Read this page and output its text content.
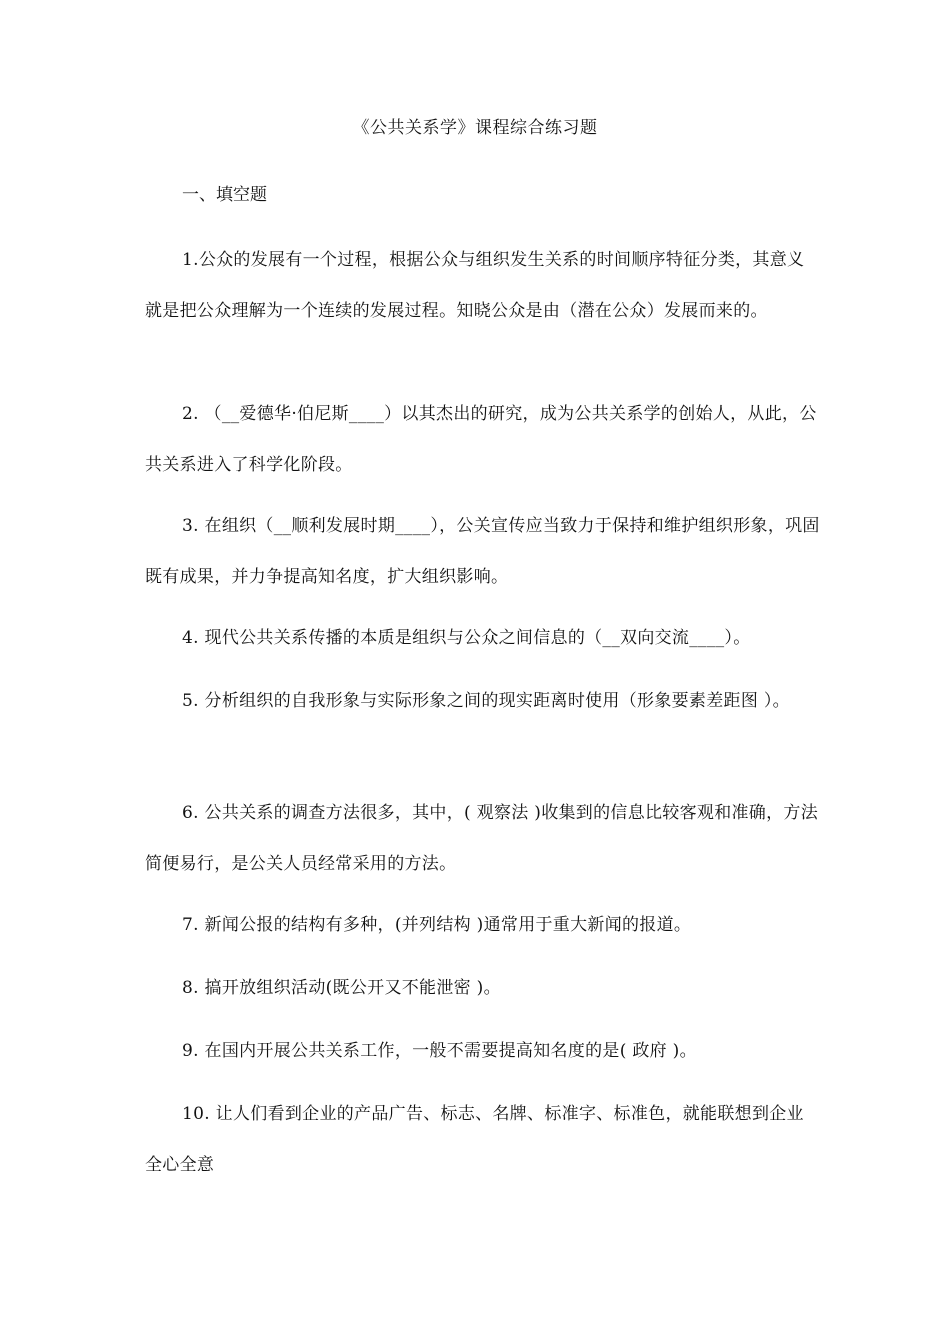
《公共关系学》课程综合练习题
一、填空题

1.公众的发展有一个过程，根据公众与组织发生关系的时间顺序特征分类，其意义就是把公众理解为一个连续的发展过程。知晓公众是由（潜在公众）发展而来的。

2. （__爱德华·伯尼斯____）以其杰出的研究，成为公共关系学的创始人，从此，公共关系进入了科学化阶段。

3. 在组织（__顺利发展时期____），公关宣传应当致力于保持和维护组织形象，巩固既有成果，并力争提高知名度，扩大组织影响。

4. 现代公共关系传播的本质是组织与公众之间信息的（__双向交流____）。

5. 分析组织的自我形象与实际形象之间的现实距离时使用（形象要素差距图 ）。

6. 公共关系的调查方法很多，其中，( 观察法 )收集到的信息比较客观和准确，方法简便易行，是公关人员经常采用的方法。

7. 新闻公报的结构有多种，(并列结构 )通常用于重大新闻的报道。

8. 搞开放组织活动(既公开又不能泄密 )。

9. 在国内开展公共关系工作，一般不需要提高知名度的是( 政府 )。

10. 让人们看到企业的产品广告、标志、名牌、标准字、标准色，就能联想到企业全心全意
